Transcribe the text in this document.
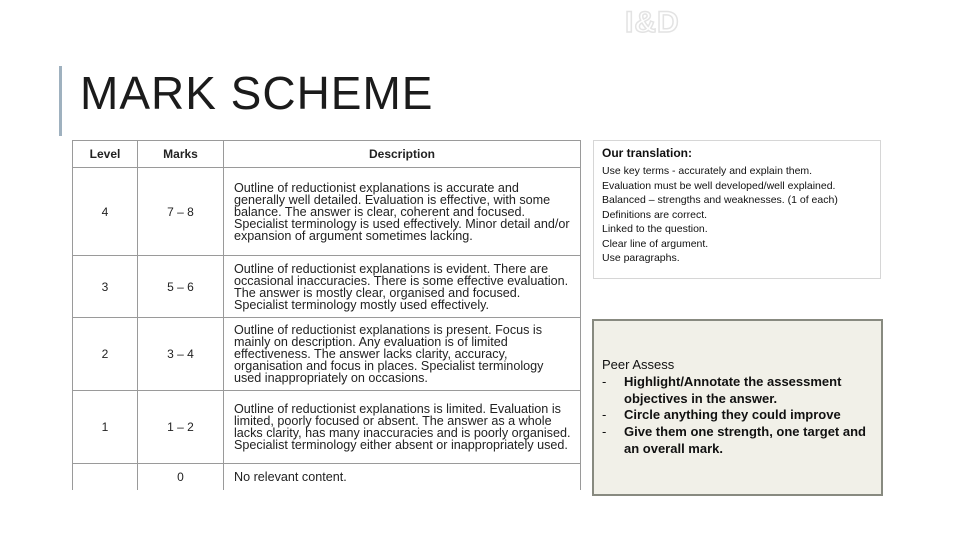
I&D
MARK SCHEME
Level	Marks	Description
4	7 – 8	Outline of reductionist explanations is accurate and generally well detailed. Evaluation is effective, with some balance. The answer is clear, coherent and focused. Specialist terminology is used effectively. Minor detail and/or expansion of argument sometimes lacking.
3	5 – 6	Outline of reductionist explanations is evident. There are occasional inaccuracies. There is some effective evaluation. The answer is mostly clear, organised and focused. Specialist terminology mostly used effectively.
2	3 – 4	Outline of reductionist explanations is present. Focus is mainly on description. Any evaluation is of limited effectiveness. The answer lacks clarity, accuracy, organisation and focus in places. Specialist terminology used inappropriately on occasions.
1	1 – 2	Outline of reductionist explanations is limited. Evaluation is limited, poorly focused or absent. The answer as a whole lacks clarity, has many inaccuracies and is poorly organised. Specialist terminology either absent or inappropriately used.
	0	No relevant content.
Our translation:
Use key terms - accurately and explain them.
Evaluation must be well developed/well explained.
Balanced – strengths and weaknesses. (1 of each)
Definitions are correct.
Linked to the question.
Clear line of argument.
Use paragraphs.
Peer Assess
-	Highlight/Annotate the assessment objectives in the answer.
-	Circle anything they could improve
-	Give them one strength, one target and an overall mark.
